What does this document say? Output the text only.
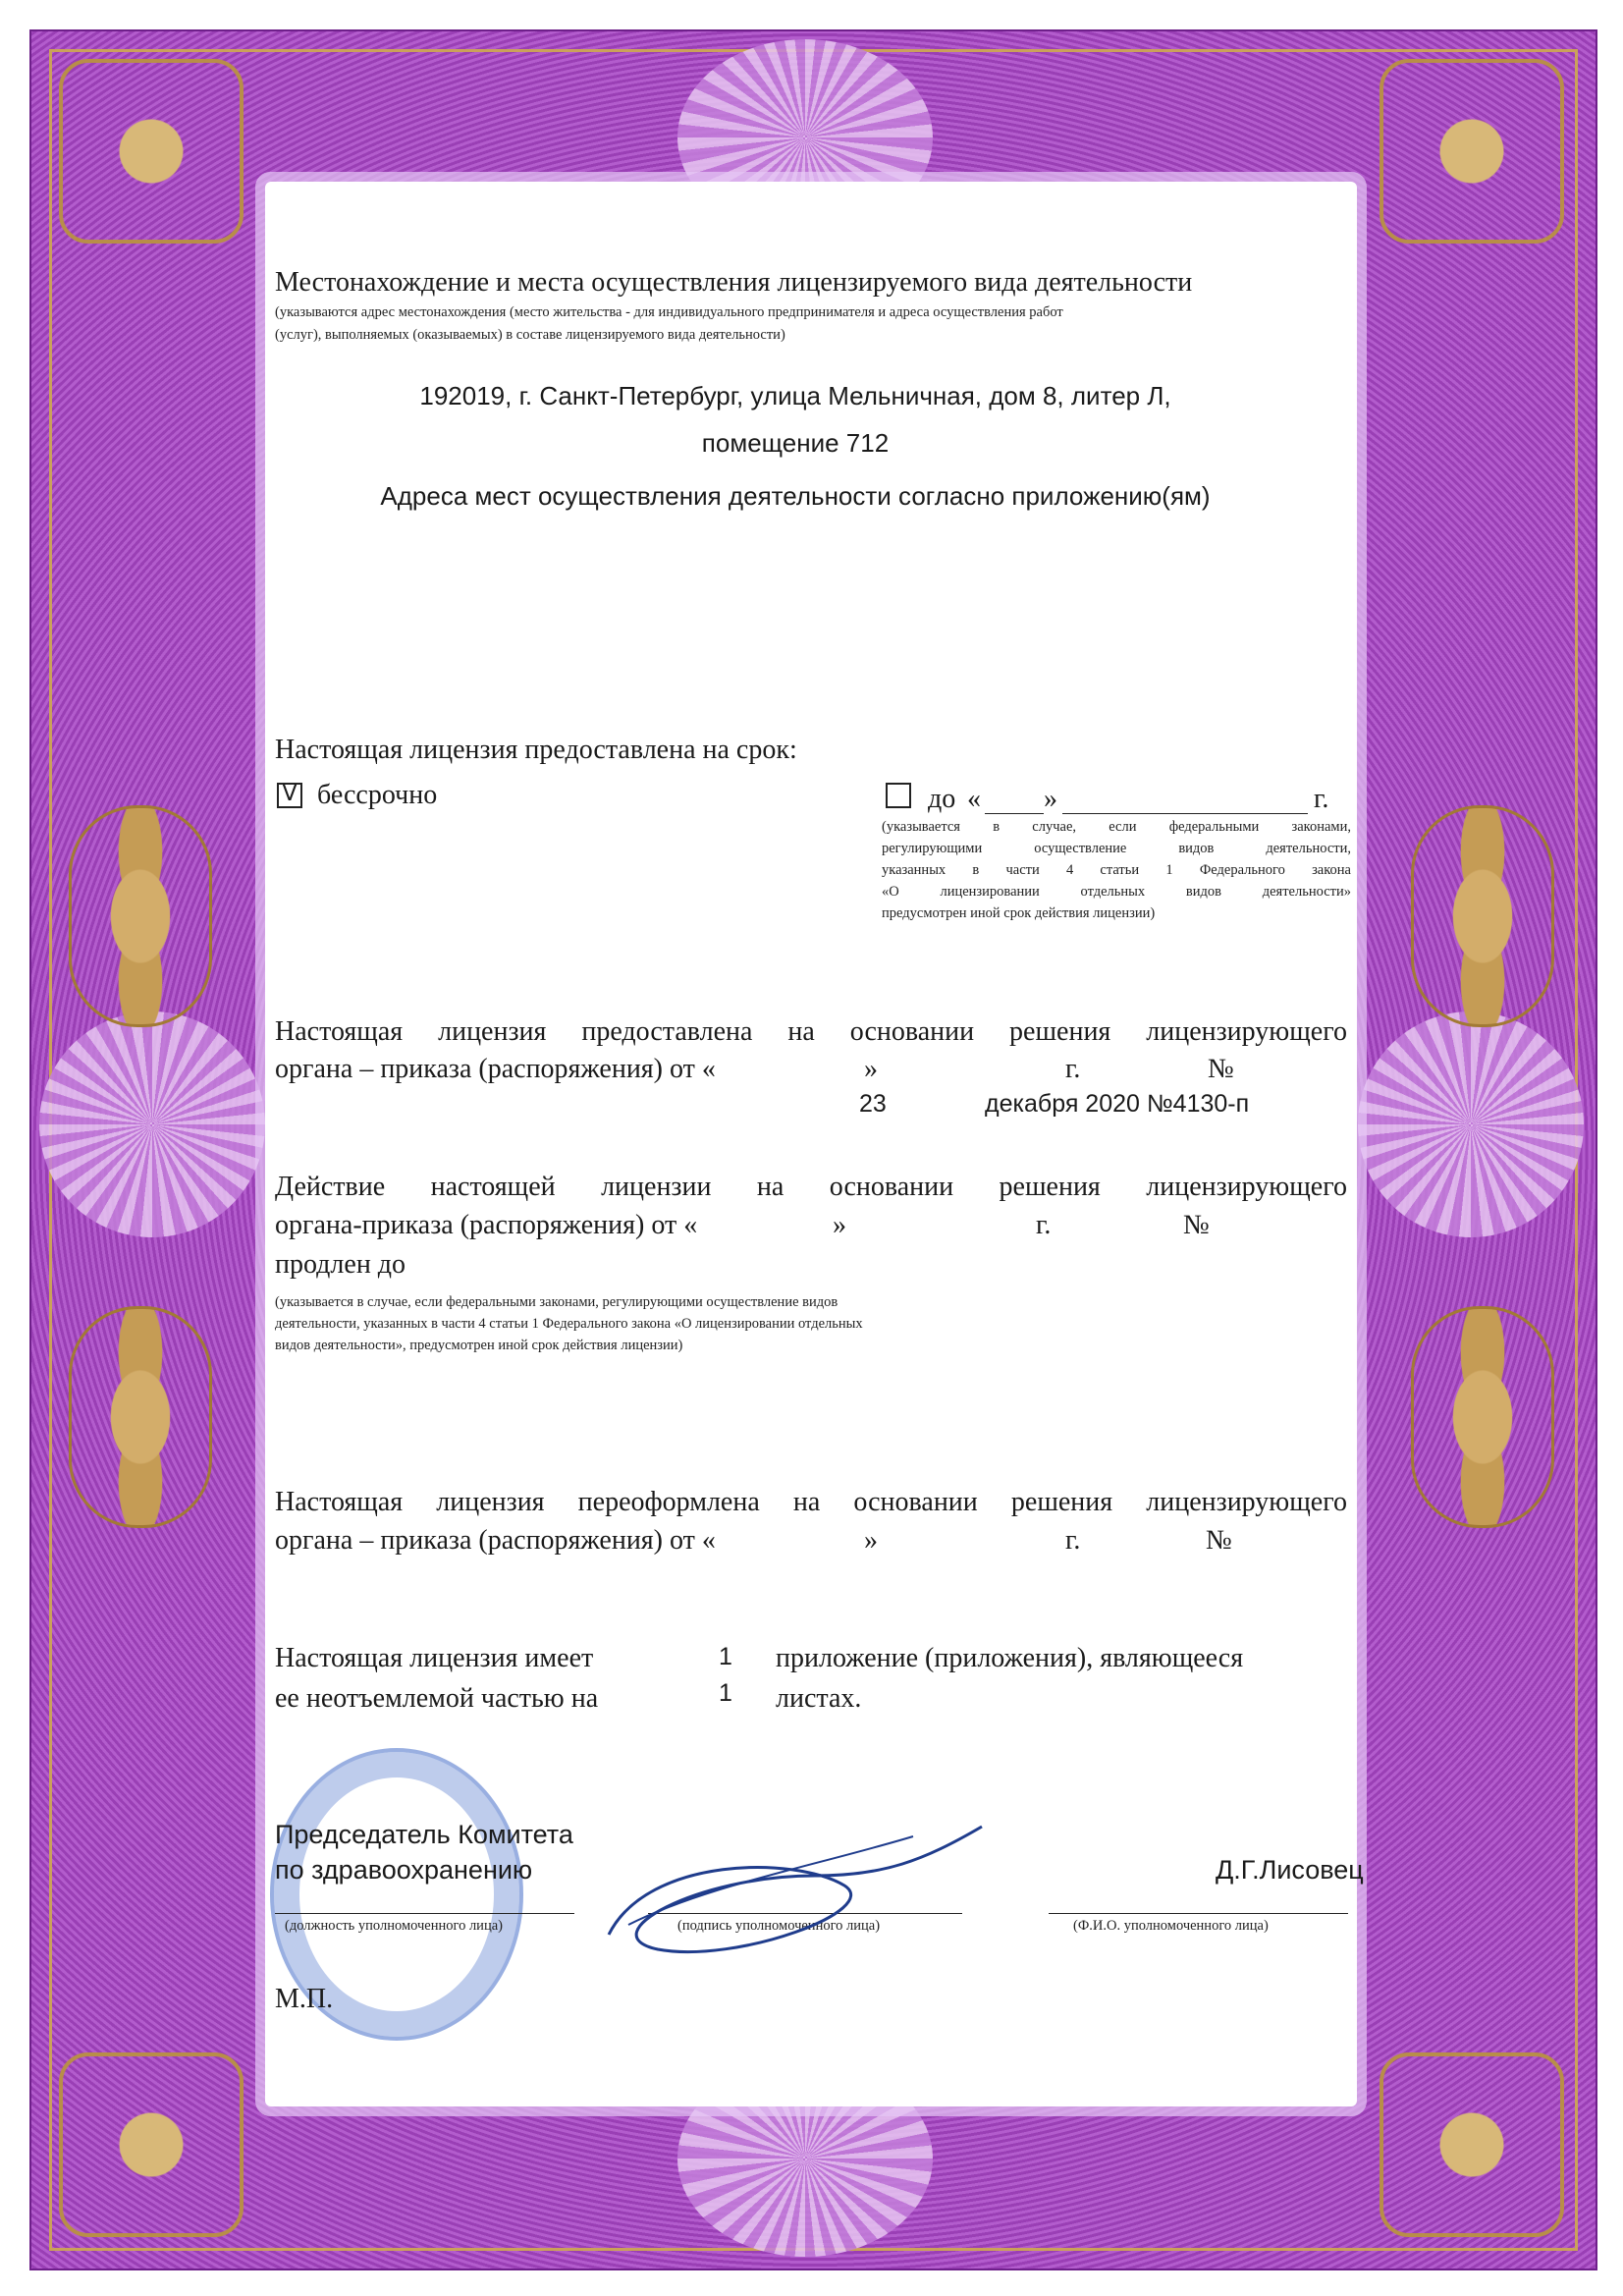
Местонахождение и места осуществления лицензируемого вида деятельности
(указываются адрес местонахождения (место жительства - для индивидуального предпринимателя и адреса осуществления работ
(услуг), выполняемых (оказываемых) в составе лицензируемого вида деятельности)
192019, г. Санкт-Петербург, улица Мельничная, дом 8, литер Л,
помещение 712
Адреса мест осуществления деятельности согласно приложению(ям)
Настоящая лицензия предоставлена на срок:
V бессрочно	до « »	г.
(указывается в случае, если федеральными законами,
регулирующими осуществление видов деятельности,
указанных в части 4 статьи 1 Федерального закона
«О лицензировании отдельных видов деятельности»
предусмотрен иной срок действия лицензии)
Настоящая лицензия предоставлена на основании решения лицензирующего
органа – приказа (распоряжения) от «	»	г.	№
23	декабря 2020 №4130-п
Действие настоящей лицензии на основании решения лицензирующего
органа-приказа (распоряжения) от «	»	г.	№
продлен до
(указывается в случае, если федеральными законами, регулирующими осуществление видов
деятельности, указанных в части 4 статьи 1 Федерального закона «О лицензировании отдельных
видов деятельности», предусмотрен иной срок действия лицензии)
Настоящая лицензия переоформлена на основании решения лицензирующего
органа – приказа (распоряжения) от «	»	г.	№
Настоящая лицензия имеет	1 приложение (приложения), являющееся
ее неотъемлемой частью на	1 листах.
Председатель Комитета
по здравоохранению	Д.Г.Лисовец
(должность уполномоченного лица)	(подпись уполномоченного лица)	(Ф.И.О. уполномоченного лица)
М.П.
